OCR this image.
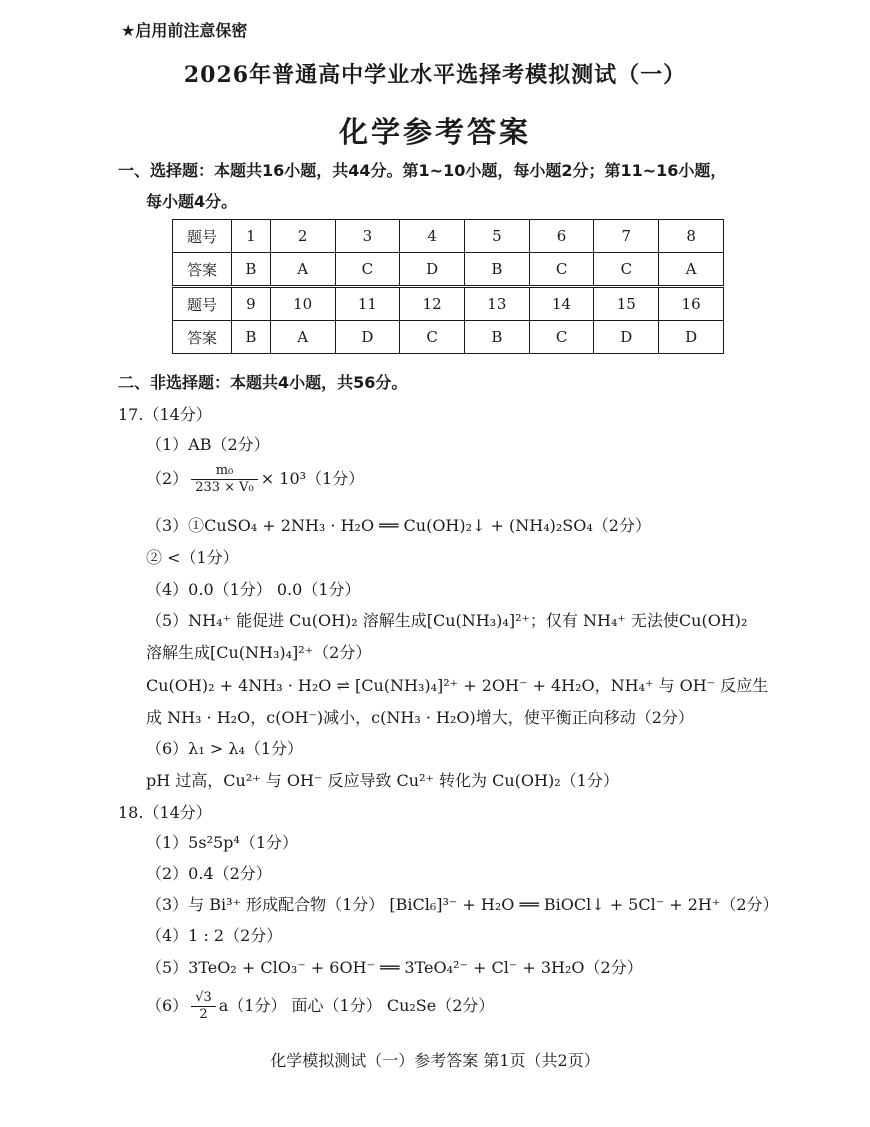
★启用前注意保密
2026年普通高中学业水平选择考模拟测试（一）
化学参考答案
一、选择题：本题共16小题，共44分。第1~10小题，每小题2分；第11~16小题，
每小题4分。
题号	1	2	3	4	5	6	7	8
答案	B	A	C	D	B	C	C	A
题号	9	10	11	12	13	14	15	16
答案	B	A	D	C	B	C	D	D
二、非选择题：本题共4小题，共56分。
17.（14分）
（1）AB（2分）
$(2) \frac{\text{m₀}}{\text{233 × V₀}} \times 10^3(1$分）
（3）①CuSO₄ + 2NH₃ · H₂O ══ Cu(OH)₂↓ + (NH₄)₂SO₄（2分）
② <（1分）
（4）0.0（1分） 0.0（1分）
（5）NH₄⁺ 能促进 Cu(OH)₂ 溶解生成[Cu(NH₃)₄]²⁺；仅有 NH₄⁺ 无法使Cu(OH)₂
溶解生成[Cu(NH₃)₄]²⁺（2分）
Cu(OH)₂ + 4NH₃ · H₂O ⇌ [Cu(NH₃)₄]²⁺ + 2OH⁻ + 4H₂O，NH₄⁺ 与 OH⁻ 反应生
成 NH₃ · H₂O，c(OH⁻)减小，c(NH₃ · H₂O)增大，使平衡正向移动（2分）
（6）λ₁ > λ₄（1分）
pH 过高，Cu²⁺ 与 OH⁻ 反应导致 Cu²⁺ 转化为 Cu(OH)₂（1分）
18.（14分）
（1）5s²5p⁴（1分）
（2）0.4（2分）
（3）与 Bi³⁺ 形成配合物（1分） [BiCl₆]³⁻ + H₂O ══ BiOCl↓ + 5Cl⁻ + 2H⁺（2分）
（4）1 : 2（2分）
（5）3TeO₂ + ClO₃⁻ + 6OH⁻ ══ 3TeO₄²⁻ + Cl⁻ + 3H₂O（2分）
$(6) \frac{√3}{2} a(1$分） 面心（1分） Cu₂Se（2分）
化学模拟测试（一）参考答案 第1页（共2页）
